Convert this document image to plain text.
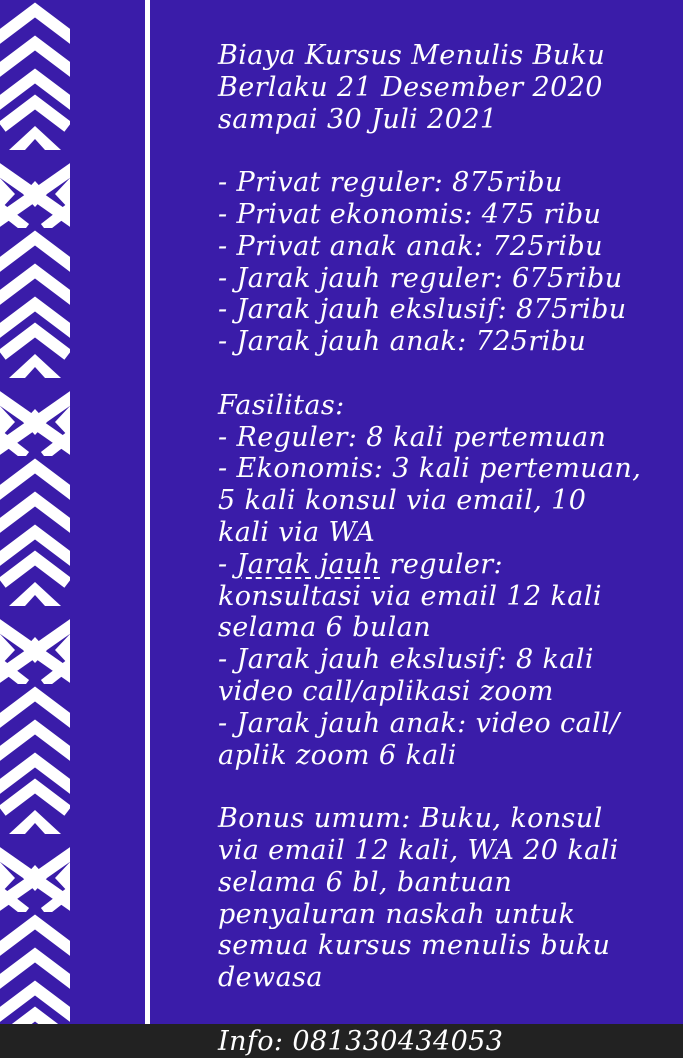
Biaya Kursus Menulis Buku
Berlaku 21 Desember 2020
sampai 30 Juli 2021
- Privat reguler: 875ribu
- Privat ekonomis: 475 ribu
- Privat anak anak: 725ribu
- Jarak jauh reguler: 675ribu
- Jarak jauh ekslusif: 875ribu
- Jarak jauh anak: 725ribu
Fasilitas:
- Reguler: 8 kali pertemuan
- Ekonomis: 3 kali pertemuan,
5 kali konsul via email, 10
kali via WA
- Jarak jauh reguler:
konsultasi via email 12 kali
selama 6 bulan
- Jarak jauh ekslusif: 8 kali
video call/aplikasi zoom
- Jarak jauh anak: video call/
aplik zoom 6 kali
Bonus umum: Buku, konsul
via email 12 kali, WA 20 kali
selama 6 bl, bantuan
penyaluran naskah untuk
semua kursus menulis buku
dewasa
Info: 081330434053
